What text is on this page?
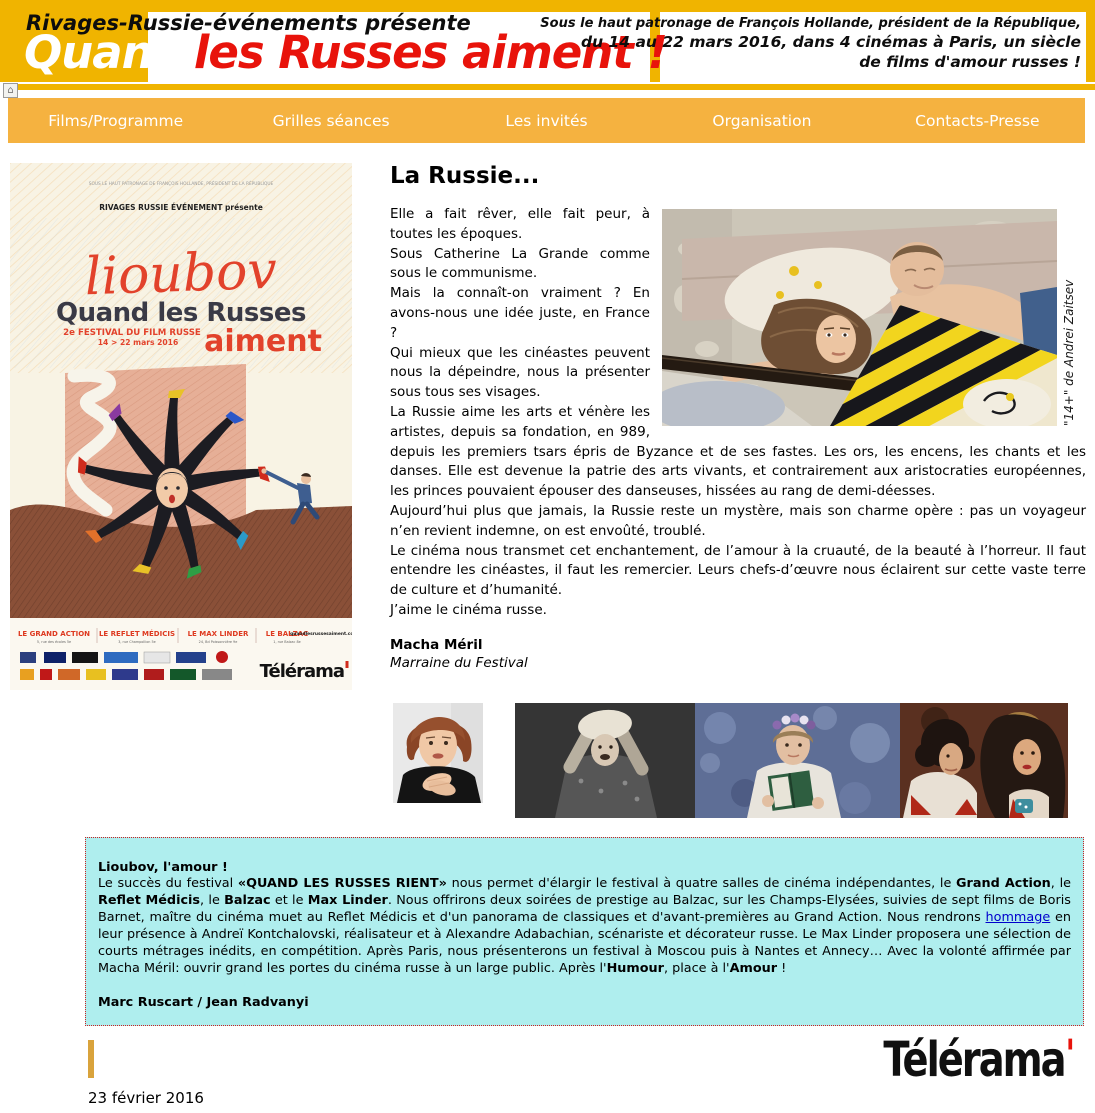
Rivages-Russie-événements présente
Quand les Russes aiment !
Sous le haut patronage de François Hollande, président de la République,
du 14 au 22 mars 2016, dans 4 cinémas à Paris, un siècle
de films d'amour russes !
⌂
Films/Programme	Grilles séances	Les invités	Organisation	Contacts-Presse
SOUS LE HAUT PATRONAGE DE FRANÇOIS HOLLANDE, PRÉSIDENT DE LA RÉPUBLIQUE
RIVAGES RUSSIE ÉVÉNEMENT présente
lioubov
Quand les Russes
2e FESTIVAL DU FILM RUSSE
14 > 22 mars 2016 aiment
LE GRAND ACTION
5, rue des écoles 5e
LE REFLET MÉDICIS
3, rue Champollion 5e
LE MAX LINDER
24, Bd Poissonnière 9e
LE BALZAC
1, rue Balzac 8e
quandlesrussesaiment.com
Télérama
La Russie...
"14+" de Andrei Zaitsev
Elle a fait rêver, elle fait peur, à toutes les époques.
Sous Catherine La Grande comme sous le communisme.
Mais la connaît-on vraiment ? En avons-nous une idée juste, en France ?
Qui mieux que les cinéastes peuvent nous la dépeindre, nous la présenter sous tous ses visages.
La Russie aime les arts et vénère les artistes, depuis sa fondation, en 989, depuis les premiers tsars épris de Byzance et de ses fastes. Les ors, les encens, les chants et les danses. Elle est devenue la patrie des arts vivants, et contrairement aux aristocraties européennes, les princes pouvaient épouser des danseuses, hissées au rang de demi-déesses.
Aujourd’hui plus que jamais, la Russie reste un mystère, mais son charme opère : pas un voyageur n’en revient indemne, on est envoûté, troublé.
Le cinéma nous transmet cet enchantement, de l’amour à la cruauté, de la beauté à l’horreur. Il faut entendre les cinéastes, il faut les remercier. Leurs chefs-d’œuvre nous éclairent sur cette vaste terre de culture et d’humanité.
J’aime le cinéma russe.
Macha Méril
Marraine du Festival
Lioubov, l'amour !
Le succès du festival «QUAND LES RUSSES RIENT» nous permet d'élargir le festival à quatre salles de cinéma indépendantes, le Grand Action, le Reflet Médicis, le Balzac et le Max Linder. Nous offrirons deux soirées de prestige au Balzac, sur les Champs-Elysées, suivies de sept films de Boris Barnet, maître du cinéma muet au Reflet Médicis et d'un panorama de classiques et d'avant-premières au Grand Action. Nous rendrons hommage en leur présence à Andreï Kontchalovski, réalisateur et à Alexandre Adabachian, scénariste et décorateur russe. Le Max Linder proposera une sélection de courts métrages inédits, en compétition. Après Paris, nous présenterons un festival à Moscou puis à Nantes et Annecy… Avec la volonté affirmée par Macha Méril: ouvrir grand les portes du cinéma russe à un large public. Après l'Humour, place à l'Amour !
Marc Ruscart / Jean Radvanyi
Télérama'
23 février 2016
